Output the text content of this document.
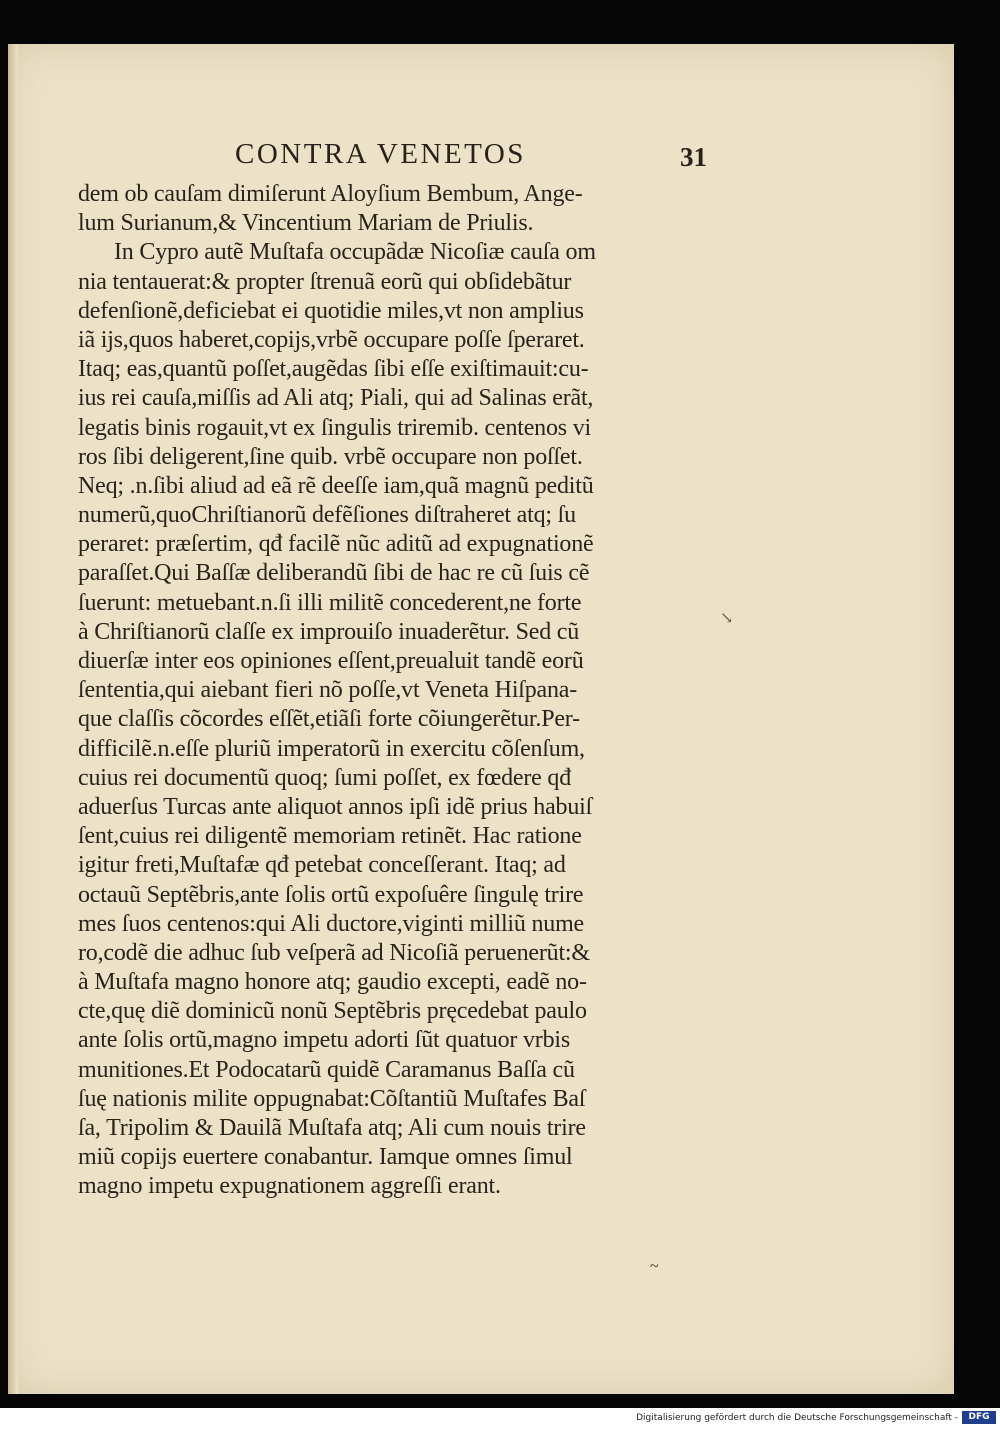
CONTRA VENETOS	31
dem ob cauſam dimiſerunt Aloyſium Bembum, Ange-
lum Surianum,& Vincentium Mariam de Priulis.
In Cypro autẽ Muſtafa occupãdæ Nicoſiæ cauſa om
nia tentauerat:& propter ſtrenuã eorũ qui obſidebãtur
defenſionẽ,deficiebat ei quotidie miles,vt non amplius
iã ijs,quos haberet,copijs,vrbẽ occupare poſſe ſperaret.
Itaq; eas,quantũ poſſet,augẽdas ſibi eſſe exiſtimauit:cu-
ius rei cauſa,miſſis ad Ali atq; Piali, qui ad Salinas erãt,
legatis binis rogauit,vt ex ſingulis triremib. centenos vi
ros ſibi deligerent,ſine quib. vrbẽ occupare non poſſet.
Neq; .n.ſibi aliud ad eã rẽ deeſſe iam,quã magnũ peditũ
numerũ,quoChriſtianorũ defẽſiones diſtraheret atq; ſu
peraret: præſertim, qđ facilẽ nũc aditũ ad expugnationẽ
paraſſet.Qui Baſſæ deliberandũ ſibi de hac re cũ ſuis cẽ
ſuerunt: metuebant.n.ſi illi militẽ concederent,ne forte
à Chriſtianorũ claſſe ex improuiſo inuaderẽtur. Sed cũ
diuerſæ inter eos opiniones eſſent,preualuit tandẽ eorũ
ſententia,qui aiebant fieri nõ poſſe,vt Veneta Hiſpana-
que claſſis cõcordes eſſẽt,etiãſi forte cõiungerẽtur.Per-
difficilẽ.n.eſſe pluriũ imperatorũ in exercitu cõſenſum,
cuius rei documentũ quoq; ſumi poſſet, ex fœdere qđ
aduerſus Turcas ante aliquot annos ipſi idẽ prius habuiſ
ſent,cuius rei diligentẽ memoriam retinẽt. Hac ratione
igitur freti,Muſtafæ qđ petebat conceſſerant. Itaq; ad
octauũ Septẽbris,ante ſolis ortũ expoſuêre ſingulę trire
mes ſuos centenos:qui Ali ductore,viginti milliũ nume
ro,codẽ die adhuc ſub veſperã ad Nicoſiã peruenerũt:&
à Muſtafa magno honore atq; gaudio excepti, eadẽ no-
cte,quę diẽ dominicũ nonũ Septẽbris pręcedebat paulo
ante ſolis ortũ,magno impetu adorti ſũt quatuor vrbis
munitiones.Et Podocatarũ quidẽ Caramanus Baſſa cũ
ſuę nationis milite oppugnabat:Cõſtantiũ Muſtafes Baſ
ſa, Tripolim & Dauilã Muſtafa atq; Ali cum nouis trire
miũ copijs euertere conabantur. Iamque omnes ſimul
magno impetu expugnationem aggreſſi erant.
↘
~
Digitalisierung gefördert durch die Deutsche Forschungsgemeinschaft -	DFG
